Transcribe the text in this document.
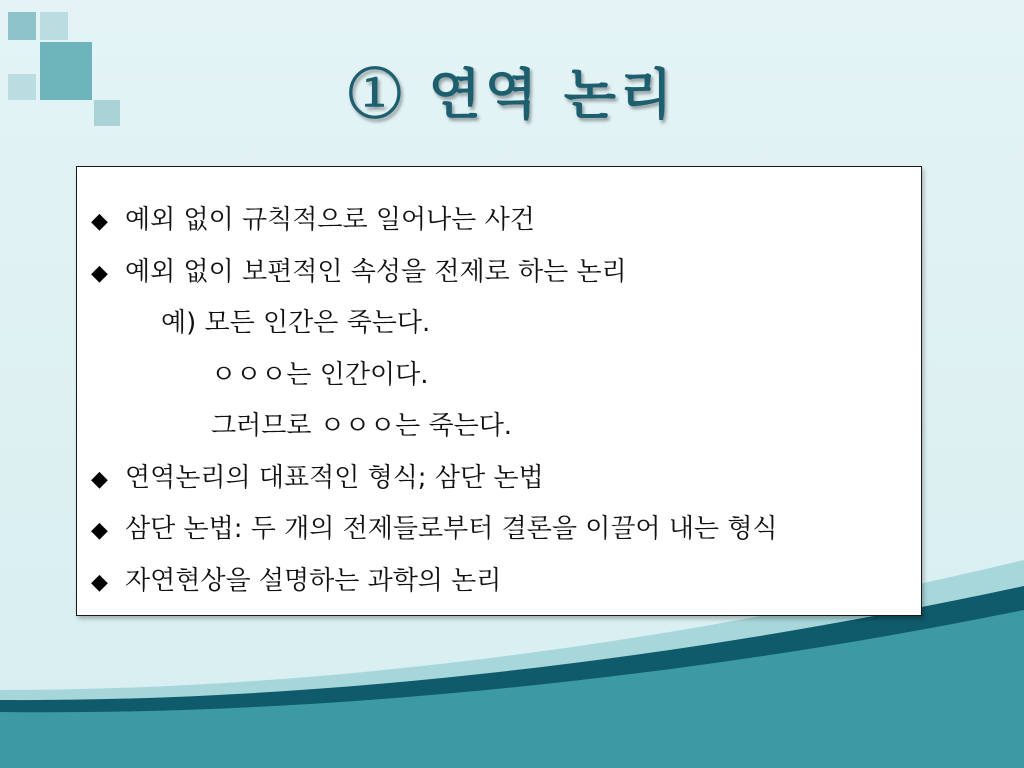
① 연역 논리
◆ 예외 없이 규칙적으로 일어나는 사건
◆ 예외 없이 보편적인 속성을 전제로 하는 논리
예) 모든 인간은 죽는다.
ㅇㅇㅇ는 인간이다.
그러므로 ㅇㅇㅇ는 죽는다.
◆ 연역논리의 대표적인 형식; 삼단 논법
◆ 삼단 논법: 두 개의 전제들로부터 결론을 이끌어 내는 형식
◆ 자연현상을 설명하는 과학의 논리
